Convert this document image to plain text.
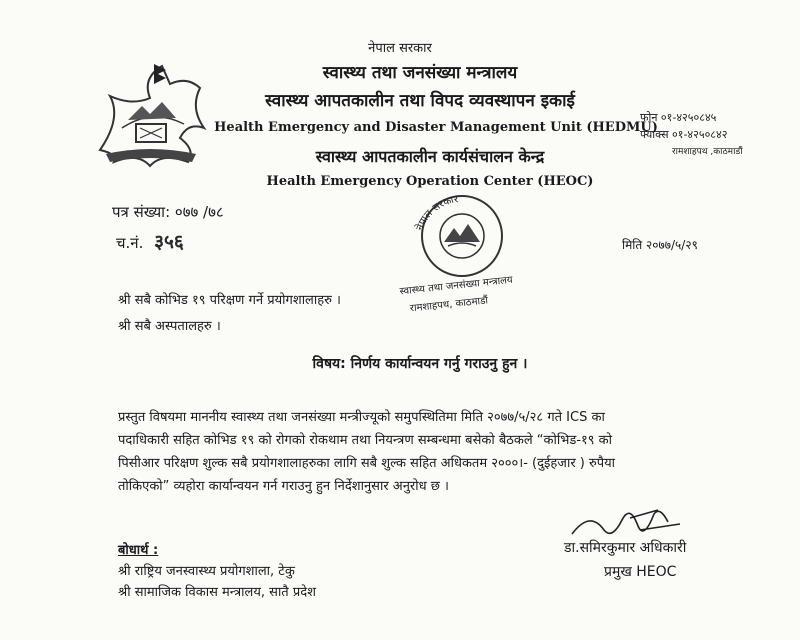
नेपाल सरकार
स्वास्थ्य तथा जनसंख्या मन्त्रालय
स्वास्थ्य आपतकालीन तथा विपद व्यवस्थापन इकाई
Health Emergency and Disaster Management Unit (HEDMU)
स्वास्थ्य आपतकालीन कार्यसंचालन केन्द्र
Health Emergency Operation Center (HEOC)
फोन ०१-४२५०८४५
फ्याक्स ०१-४२५०८४२
रामशाहपथ ,काठमाडौं
पत्र संख्या: ०७७ /७८
च.नं. ३५६	मिति २०७७/५/२९
नेपाल सरकार
स्वास्थ्य तथा जनसंख्या मन्त्रालय
रामशाहपथ, काठमाडौं
श्री सबै कोभिड १९ परिक्षण गर्ने प्रयोगशालाहरु ।
श्री सबै अस्पतालहरु ।
विषय: निर्णय कार्यान्वयन गर्नु गराउनु हुन ।
प्रस्तुत विषयमा माननीय स्वास्थ्य तथा जनसंख्या मन्त्रीज्यूको समुपस्थितिमा मिति २०७७/५/२८ गते ICS का
पदाधिकारी सहित कोभिड १९ को रोगको रोकथाम तथा नियन्त्रण सम्बन्धमा बसेको बैठकले “कोभिड-१९ को
पिसीआर परिक्षण शुल्क सबै प्रयोगशालाहरुका लागि सबै शुल्क सहित अधिकतम २०००।- (दुईहजार ) रुपैया
तोकिएको” व्यहोरा कार्यान्वयन गर्न गराउनु हुन निर्देशानुसार अनुरोध छ ।
डा.समिरकुमार अधिकारी
प्रमुख HEOC
बोधार्थ :
श्री राष्ट्रिय जनस्वास्थ्य प्रयोगशाला, टेकु
श्री सामाजिक विकास मन्त्रालय, सातै प्रदेश
